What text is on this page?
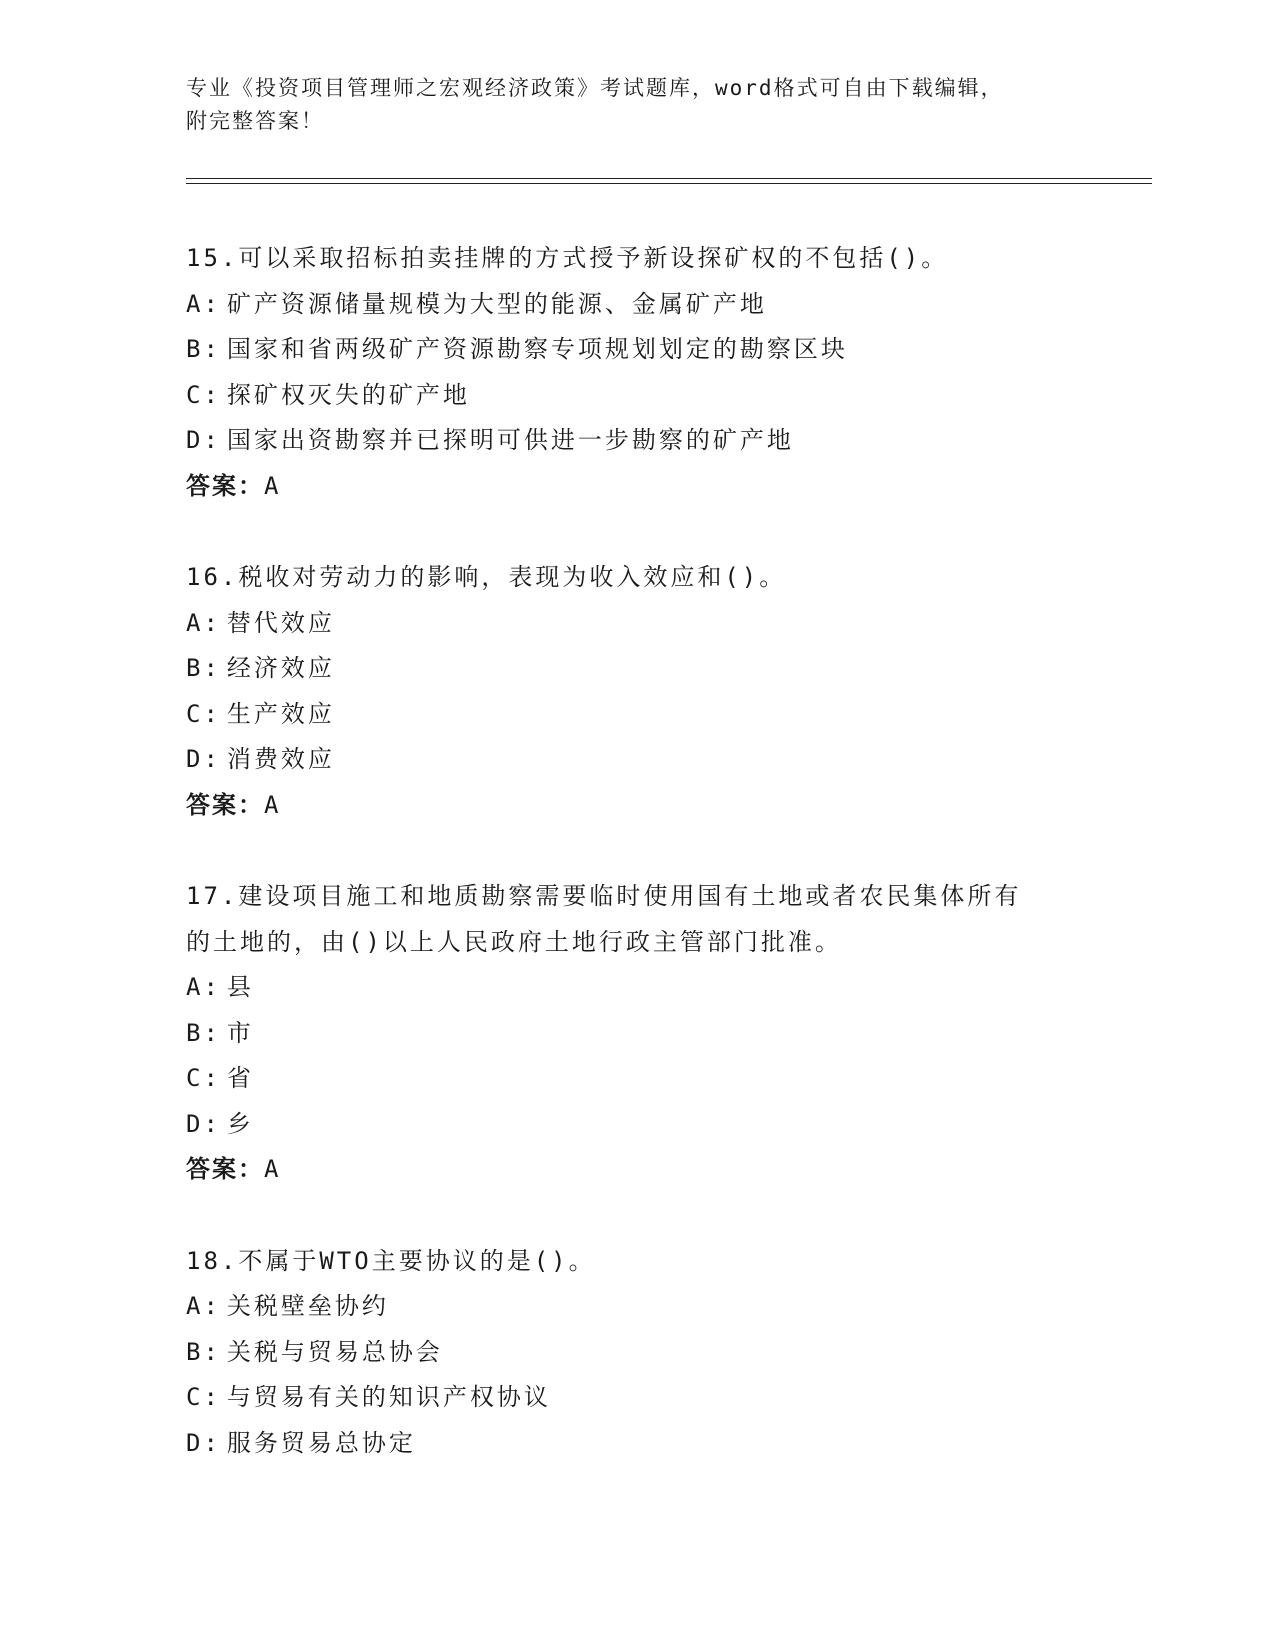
专业《投资项目管理师之宏观经济政策》考试题库，word格式可自由下载编辑，
附完整答案！
15.可以采取招标拍卖挂牌的方式授予新设探矿权的不包括()。
A: 矿产资源储量规模为大型的能源、金属矿产地
B: 国家和省两级矿产资源勘察专项规划划定的勘察区块
C: 探矿权灭失的矿产地
D: 国家出资勘察并已探明可供进一步勘察的矿产地
答案：A
16.税收对劳动力的影响，表现为收入效应和()。
A: 替代效应
B: 经济效应
C: 生产效应
D: 消费效应
答案：A
17.建设项目施工和地质勘察需要临时使用国有土地或者农民集体所有
的土地的，由()以上人民政府土地行政主管部门批准。
A: 县
B: 市
C: 省
D: 乡
答案：A
18.不属于WTO主要协议的是()。
A: 关税壁垒协约
B: 关税与贸易总协会
C: 与贸易有关的知识产权协议
D: 服务贸易总协定
